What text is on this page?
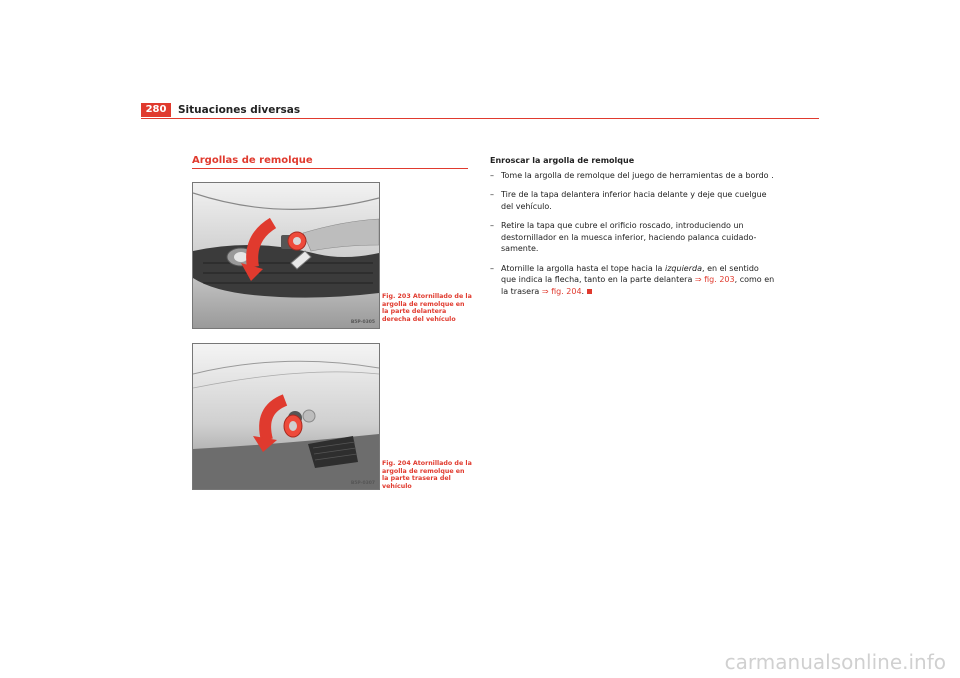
280	Situaciones diversas
Argollas de remolque
B5P-0305
Fig. 203 Atornillado de la argolla de remolque en la parte delantera derecha del vehículo
B5P-0307
Fig. 204 Atornillado de la argolla de remolque en la parte trasera del vehículo
Enroscar la argolla de remolque
– Tome la argolla de remolque del juego de herramientas de a bordo .
– Tire de la tapa delantera inferior hacia delante y deje que cuelgue del vehículo.
– Retire la tapa que cubre el orificio roscado, introduciendo un destornillador en la muesca inferior, haciendo palanca cuidado-samente.
– Atornille la argolla hasta el tope hacia la izquierda, en el sentido que indica la flecha, tanto en la parte delantera ⇒ fig. 203, como en la trasera ⇒ fig. 204.
carmanualsonline.info
